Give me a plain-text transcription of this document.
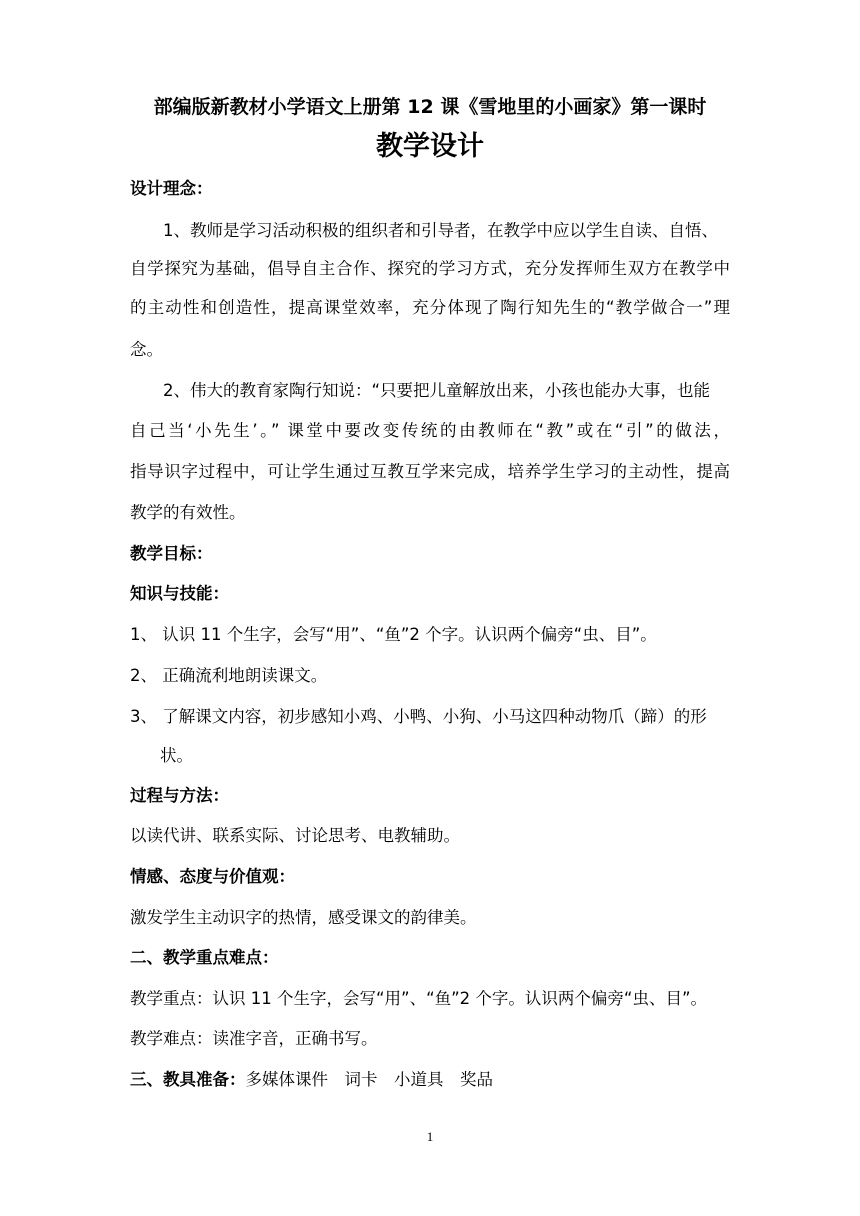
部编版新教材小学语文上册第 12 课《雪地里的小画家》第一课时
教学设计
设计理念：
1、教师是学习活动积极的组织者和引导者，在教学中应以学生自读、自悟、
自学探究为基础，倡导自主合作、探究的学习方式，充分发挥师生双方在教学中
的主动性和创造性，提高课堂效率，充分体现了陶行知先生的“教学做合一”理
念。
2、伟大的教育家陶行知说：“只要把儿童解放出来，小孩也能办大事，也能
自己当‘小先生’。” 课堂中要改变传统的由教师在“教”或在“引”的做法，
指导识字过程中，可让学生通过互教互学来完成，培养学生学习的主动性，提高
教学的有效性。
教学目标：
知识与技能：
1、 认识 11 个生字，会写“用”、“鱼”2 个字。认识两个偏旁“虫、目”。
2、 正确流利地朗读课文。
3、 了解课文内容，初步感知小鸡、小鸭、小狗、小马这四种动物爪（蹄）的形
状。
过程与方法：
以读代讲、联系实际、讨论思考、电教辅助。
情感、态度与价值观：
激发学生主动识字的热情，感受课文的韵律美。
二、教学重点难点：
教学重点：认识 11 个生字，会写“用”、“鱼”2 个字。认识两个偏旁“虫、目”。
教学难点：读准字音，正确书写。
三、教具准备：多媒体课件　词卡　小道具　奖品
1
